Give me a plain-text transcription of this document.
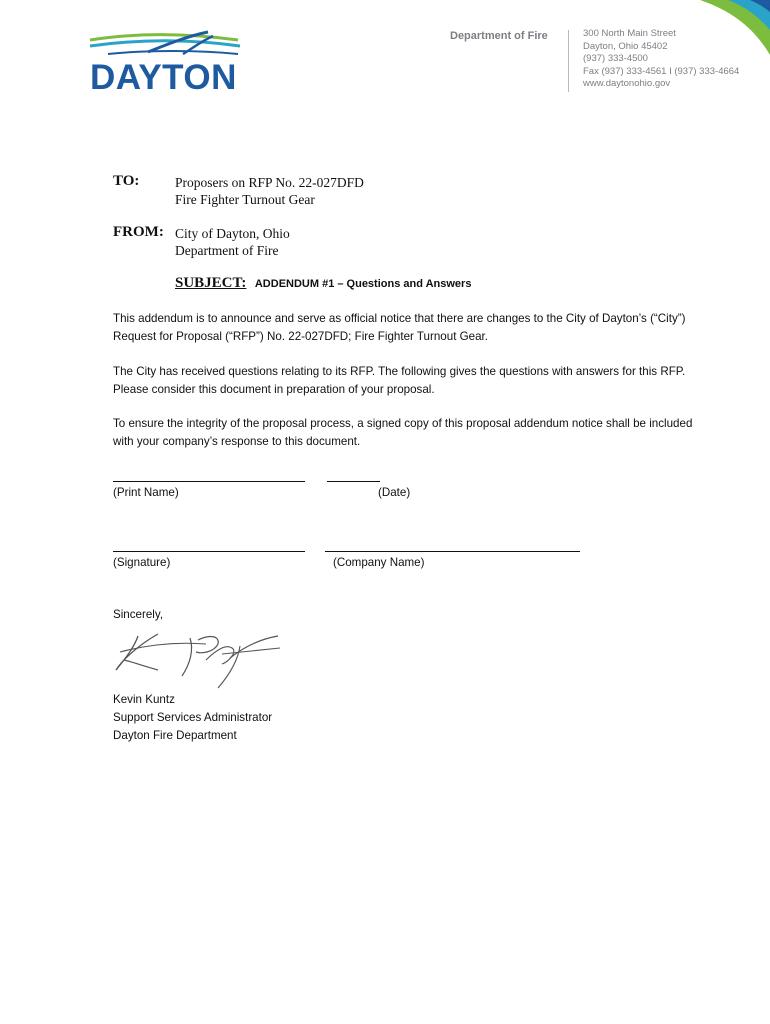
DAYTON
Department of Fire	300 North Main Street
Dayton, Ohio 45402
(937) 333-4500
Fax (937) 333-4561 I (937) 333-4664
www.daytonohio.gov
TO:	Proposers on RFP No. 22-027DFD
Fire Fighter Turnout Gear
FROM: City of Dayton, Ohio
Department of Fire
SUBJECT: ADDENDUM #1 – Questions and Answers
This addendum is to announce and serve as official notice that there are changes to the City of Dayton’s (“City”) Request for Proposal (“RFP”) No. 22-027DFD; Fire Fighter Turnout Gear.
The City has received questions relating to its RFP. The following gives the questions with answers for this RFP. Please consider this document in preparation of your proposal.
To ensure the integrity of the proposal process, a signed copy of this proposal addendum notice shall be included with your company’s response to this document.
(Print Name)	(Date)
(Signature)	(Company Name)
Sincerely,
Kevin Kuntz
Support Services Administrator
Dayton Fire Department
